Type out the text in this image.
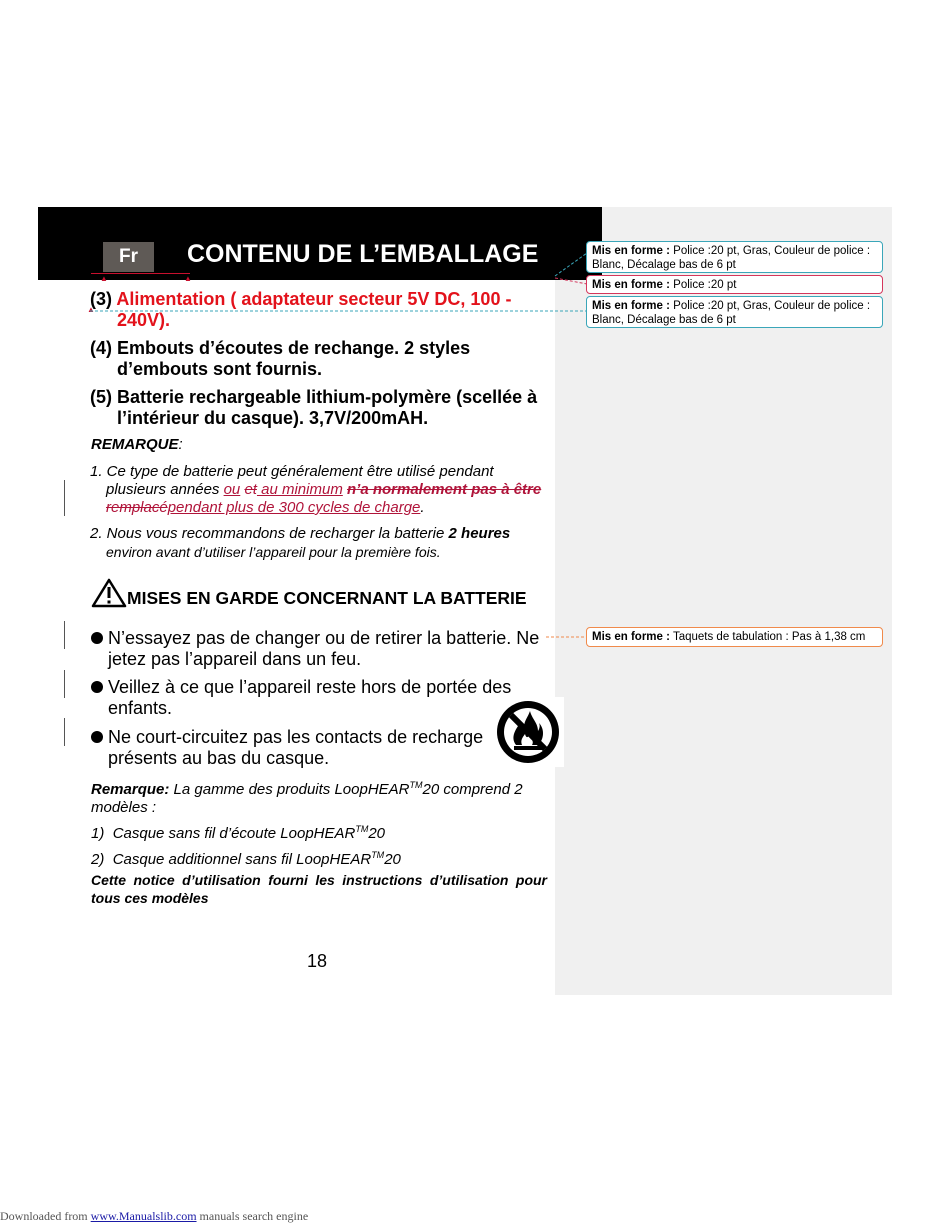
Fr	CONTENU DE L’EMBALLAGE
▲	▲
▲
(3) Alimentation ( adaptateur secteur 5V DC, 100 -
240V).
(4) Embouts d’écoutes de rechange. 2 styles
d’embouts sont fournis.
(5) Batterie rechargeable lithium-polymère (scellée à
l’intérieur du casque). 3,7V/200mAH.
REMARQUE:
1. Ce type de batterie peut généralement être utilisé pendant
plusieurs années ou et au minimum n’a normalement pas à être
remplacépendant plus de 300 cycles de charge.
2. Nous vous recommandons de recharger la batterie 2 heures
environ avant d’utiliser l’appareil pour la première fois.
MISES EN GARDE CONCERNANT LA BATTERIE
N’essayez pas de changer ou de retirer la batterie. Ne
jetez pas l’appareil dans un feu.
Veillez à ce que l’appareil reste hors de portée des
enfants.
Ne court-circuitez pas les contacts de recharge
présents au bas du casque.
Remarque: La gamme des produits LoopHEAR™20 comprend 2
modèles :
1) Casque sans fil d’écoute LoopHEAR™20
2) Casque additionnel sans fil LoopHEAR™20
Cette notice d’utilisation fourni les instructions d’utilisation pour
tous ces modèles
18
Mis en forme : Police :20 pt, Gras, Couleur de police : Blanc, Décalage bas de 6 pt
Mis en forme : Police :20 pt
Mis en forme : Police :20 pt, Gras, Couleur de police : Blanc, Décalage bas de 6 pt
Mis en forme : Taquets de tabulation : Pas à 1,38 cm
Downloaded from www.Manualslib.com manuals search engine
